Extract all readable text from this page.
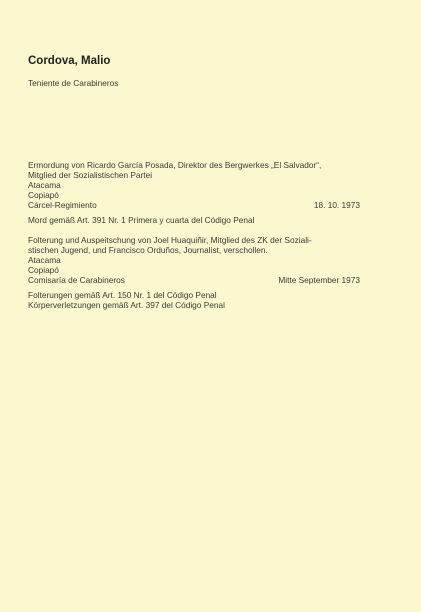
Cordova, Malio
Teniente de Carabineros
Ermordung von Ricardo García Posada, Direktor des Bergwerkes „El Salvador“,
Mitglied der Sozialistischen Partei
Atacama
Copiapó
Cárcel-Regimiento	18. 10. 1973
Mord gemäß Art. 391 Nr. 1 Primera y cuarta del Código Penal
Folterung und Auspeitschung von Joel Huaquiñir, Mitglied des ZK der Soziali-
stischen Jugend, und Francisco Orduños, Journalist, verschollen.
Atacama
Copiapó
Comisaría de Carabineros	Mitte September 1973
Folterungen gemäß Art. 150 Nr. 1 del Código Penal
Körperverletzungen gemäß Art. 397 del Código Penal
